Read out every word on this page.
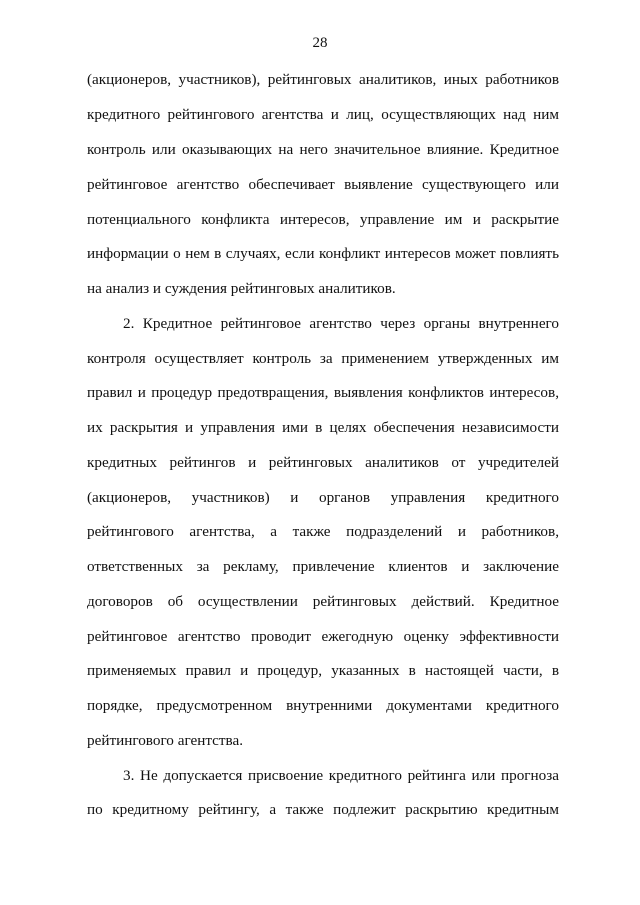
28
(акционеров, участников), рейтинговых аналитиков, иных работников
кредитного рейтингового агентства и лиц, осуществляющих над ним
контроль или оказывающих на него значительное влияние. Кредитное
рейтинговое агентство обеспечивает выявление существующего или
потенциального конфликта интересов, управление им и раскрытие
информации о нем в случаях, если конфликт интересов может повлиять
на анализ и суждения рейтинговых аналитиков.
2. Кредитное рейтинговое агентство через органы внутреннего
контроля осуществляет контроль за применением утвержденных им
правил и процедур предотвращения, выявления конфликтов интересов,
их раскрытия и управления ими в целях обеспечения независимости
кредитных рейтингов и рейтинговых аналитиков от учредителей
(акционеров, участников) и органов управления кредитного
рейтингового агентства, а также подразделений и работников,
ответственных за рекламу, привлечение клиентов и заключение
договоров об осуществлении рейтинговых действий. Кредитное
рейтинговое агентство проводит ежегодную оценку эффективности
применяемых правил и процедур, указанных в настоящей части, в
порядке, предусмотренном внутренними документами кредитного
рейтингового агентства.
3. Не допускается присвоение кредитного рейтинга или прогноза
по кредитному рейтингу, а также подлежит раскрытию кредитным
